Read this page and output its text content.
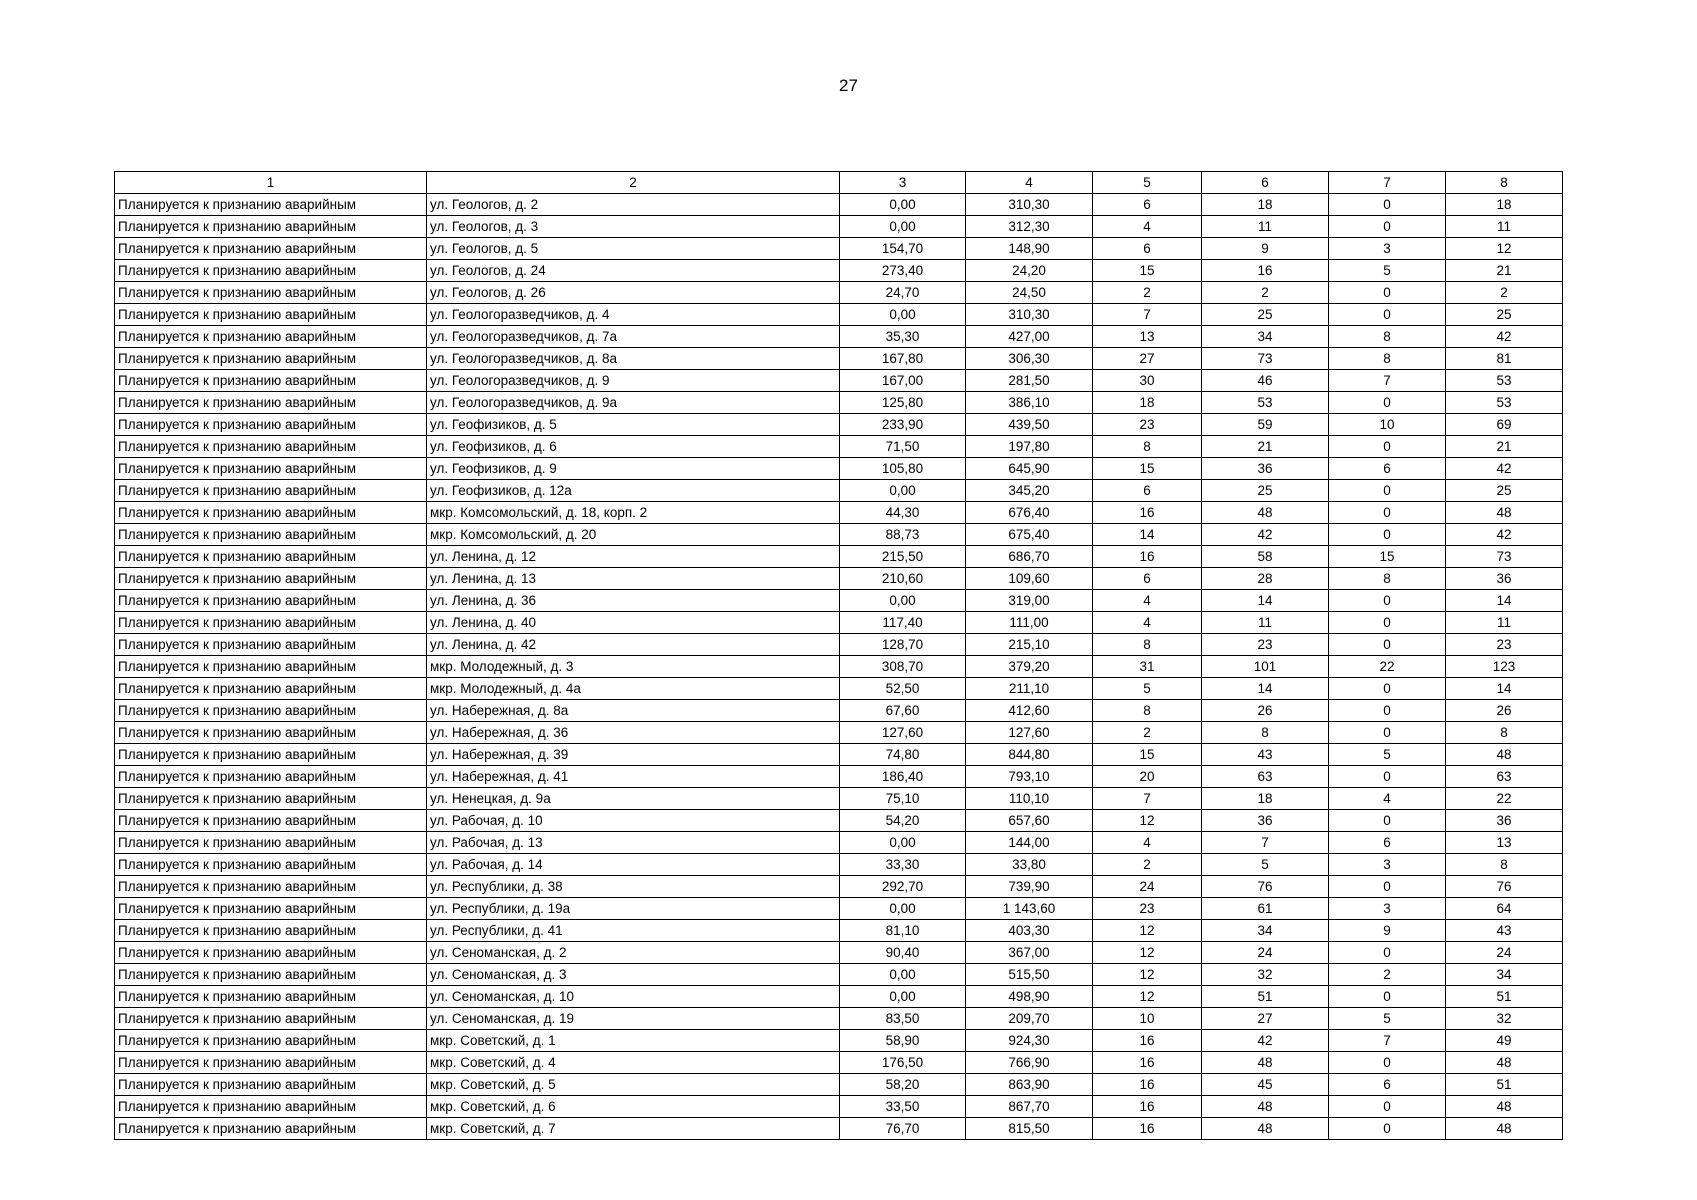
27
1	2	3	4	5	6	7	8
Планируется к признанию аварийным	ул. Геологов, д. 2	0,00	310,30	6	18	0	18
Планируется к признанию аварийным	ул. Геологов, д. 3	0,00	312,30	4	11	0	11
Планируется к признанию аварийным	ул. Геологов, д. 5	154,70	148,90	6	9	3	12
Планируется к признанию аварийным	ул. Геологов, д. 24	273,40	24,20	15	16	5	21
Планируется к признанию аварийным	ул. Геологов, д. 26	24,70	24,50	2	2	0	2
Планируется к признанию аварийным	ул. Геологоразведчиков, д. 4	0,00	310,30	7	25	0	25
Планируется к признанию аварийным	ул. Геологоразведчиков, д. 7а	35,30	427,00	13	34	8	42
Планируется к признанию аварийным	ул. Геологоразведчиков, д. 8а	167,80	306,30	27	73	8	81
Планируется к признанию аварийным	ул. Геологоразведчиков, д. 9	167,00	281,50	30	46	7	53
Планируется к признанию аварийным	ул. Геологоразведчиков, д. 9а	125,80	386,10	18	53	0	53
Планируется к признанию аварийным	ул. Геофизиков, д. 5	233,90	439,50	23	59	10	69
Планируется к признанию аварийным	ул. Геофизиков, д. 6	71,50	197,80	8	21	0	21
Планируется к признанию аварийным	ул. Геофизиков, д. 9	105,80	645,90	15	36	6	42
Планируется к признанию аварийным	ул. Геофизиков, д. 12а	0,00	345,20	6	25	0	25
Планируется к признанию аварийным	мкр. Комсомольский, д. 18, корп. 2	44,30	676,40	16	48	0	48
Планируется к признанию аварийным	мкр. Комсомольский, д. 20	88,73	675,40	14	42	0	42
Планируется к признанию аварийным	ул. Ленина, д. 12	215,50	686,70	16	58	15	73
Планируется к признанию аварийным	ул. Ленина, д. 13	210,60	109,60	6	28	8	36
Планируется к признанию аварийным	ул. Ленина, д. 36	0,00	319,00	4	14	0	14
Планируется к признанию аварийным	ул. Ленина, д. 40	117,40	111,00	4	11	0	11
Планируется к признанию аварийным	ул. Ленина, д. 42	128,70	215,10	8	23	0	23
Планируется к признанию аварийным	мкр. Молодежный, д. 3	308,70	379,20	31	101	22	123
Планируется к признанию аварийным	мкр. Молодежный, д. 4а	52,50	211,10	5	14	0	14
Планируется к признанию аварийным	ул. Набережная, д. 8а	67,60	412,60	8	26	0	26
Планируется к признанию аварийным	ул. Набережная, д. 36	127,60	127,60	2	8	0	8
Планируется к признанию аварийным	ул. Набережная, д. 39	74,80	844,80	15	43	5	48
Планируется к признанию аварийным	ул. Набережная, д. 41	186,40	793,10	20	63	0	63
Планируется к признанию аварийным	ул. Ненецкая, д. 9а	75,10	110,10	7	18	4	22
Планируется к признанию аварийным	ул. Рабочая, д. 10	54,20	657,60	12	36	0	36
Планируется к признанию аварийным	ул. Рабочая, д. 13	0,00	144,00	4	7	6	13
Планируется к признанию аварийным	ул. Рабочая, д. 14	33,30	33,80	2	5	3	8
Планируется к признанию аварийным	ул. Республики, д. 38	292,70	739,90	24	76	0	76
Планируется к признанию аварийным	ул. Республики, д. 19а	0,00	1 143,60	23	61	3	64
Планируется к признанию аварийным	ул. Республики, д. 41	81,10	403,30	12	34	9	43
Планируется к признанию аварийным	ул. Сеноманская, д. 2	90,40	367,00	12	24	0	24
Планируется к признанию аварийным	ул. Сеноманская, д. 3	0,00	515,50	12	32	2	34
Планируется к признанию аварийным	ул. Сеноманская, д. 10	0,00	498,90	12	51	0	51
Планируется к признанию аварийным	ул. Сеноманская, д. 19	83,50	209,70	10	27	5	32
Планируется к признанию аварийным	мкр. Советский, д. 1	58,90	924,30	16	42	7	49
Планируется к признанию аварийным	мкр. Советский, д. 4	176,50	766,90	16	48	0	48
Планируется к признанию аварийным	мкр. Советский, д. 5	58,20	863,90	16	45	6	51
Планируется к признанию аварийным	мкр. Советский, д. 6	33,50	867,70	16	48	0	48
Планируется к признанию аварийным	мкр. Советский, д. 7	76,70	815,50	16	48	0	48
